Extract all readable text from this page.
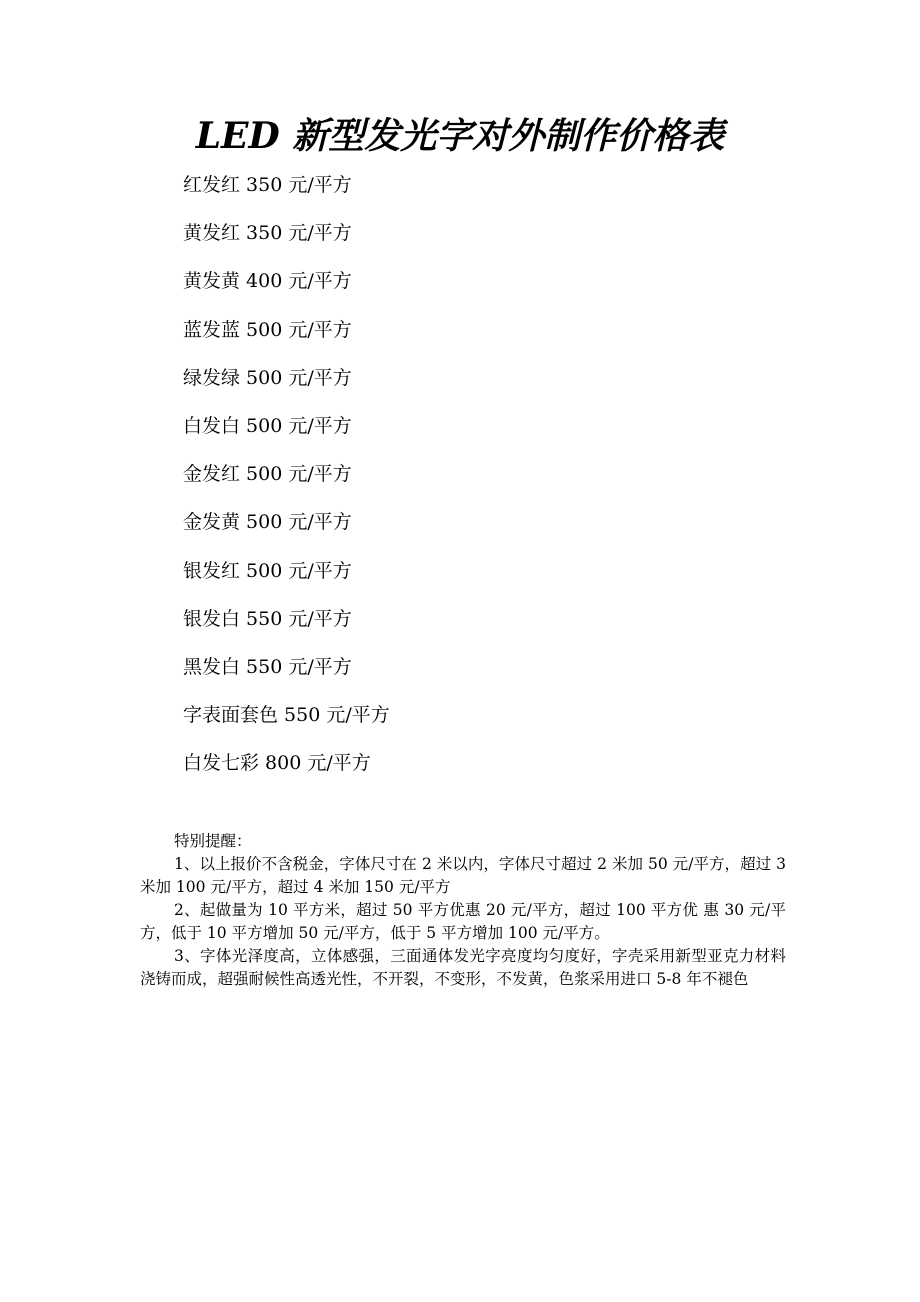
LED 新型发光字对外制作价格表
红发红 350 元/平方
黄发红 350 元/平方
黄发黄 400 元/平方
蓝发蓝 500 元/平方
绿发绿 500 元/平方
白发白 500 元/平方
金发红 500 元/平方
金发黄 500 元/平方
银发红 500 元/平方
银发白 550 元/平方
黑发白 550 元/平方
字表面套色 550 元/平方
白发七彩 800 元/平方

特别提醒：

1、以上报价不含税金，字体尺寸在 2 米以内，字体尺寸超过 2 米加 50 元/平方，超过 3 米加 100 元/平方，超过 4 米加 150 元/平方

2、起做量为 10 平方米，超过 50 平方优惠 20 元/平方，超过 100 平方优 惠 30 元/平方，低于 10 平方增加 50 元/平方，低于 5 平方增加 100 元/平方。

3、字体光泽度高，立体感强，三面通体发光字亮度均匀度好，字壳采用新型亚克力材料浇铸而成，超强耐候性高透光性，不开裂，不变形，不发黄，色浆采用进口 5-8 年不褪色
